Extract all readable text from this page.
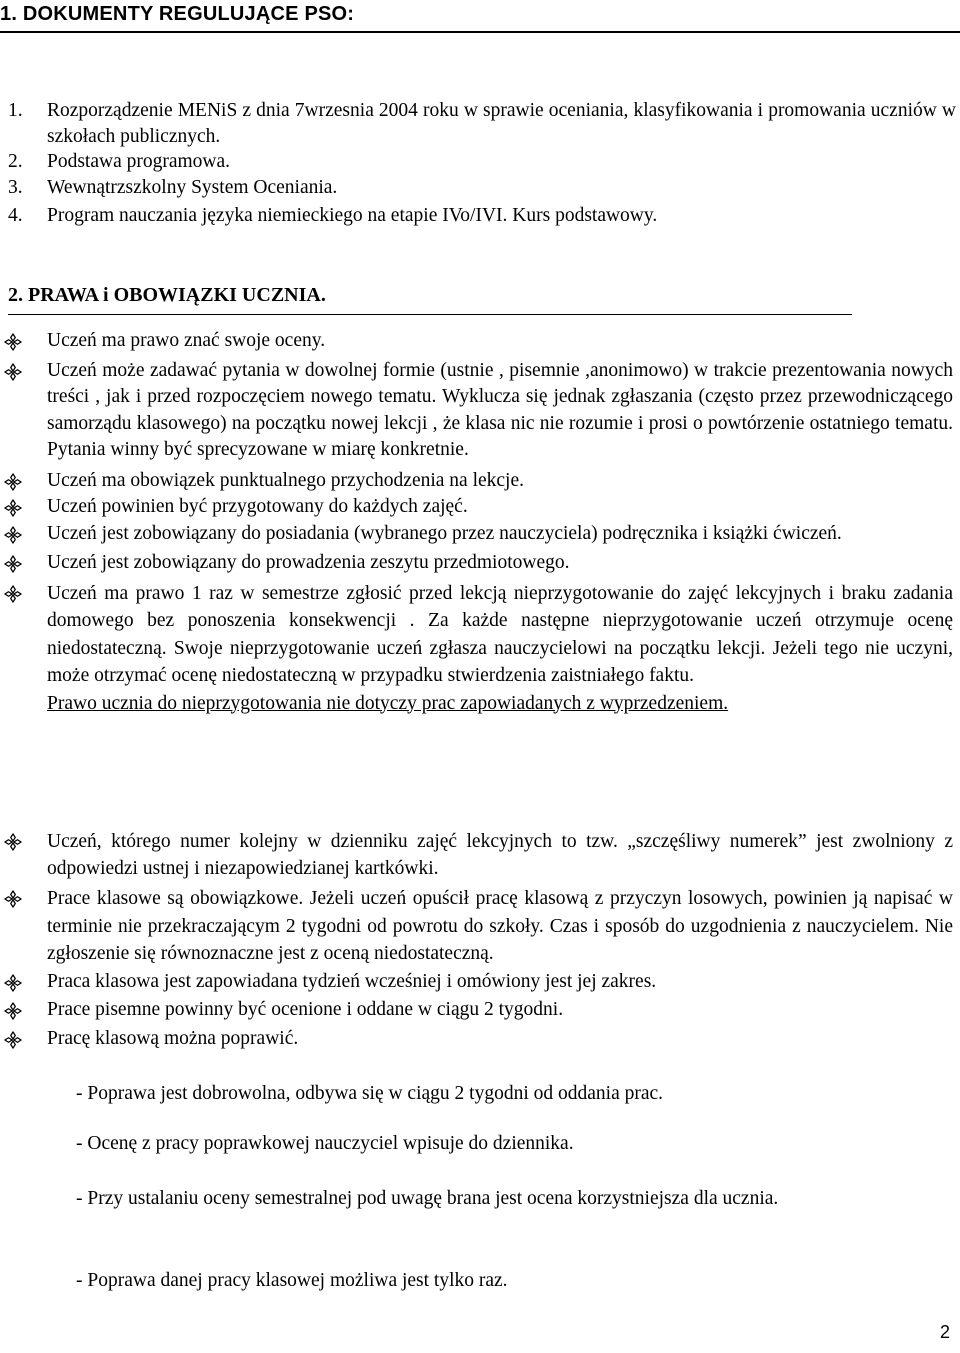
1. DOKUMENTY REGULUJĄCE PSO:
1. Rozporządzenie MENiS z dnia 7wrzesnia 2004 roku w sprawie oceniania, klasyfikowania i promowania uczniów w szkołach publicznych.
2. Podstawa programowa.
3. Wewnątrzszkolny System Oceniania.
4. Program nauczania języka niemieckiego na etapie IVo/IVI. Kurs podstawowy.
2. PRAWA i OBOWIĄZKI UCZNIA.
Uczeń ma prawo znać swoje oceny.
Uczeń może zadawać pytania w dowolnej formie (ustnie , pisemnie ,anonimowo) w trakcie prezentowania nowych treści , jak i przed rozpoczęciem nowego tematu. Wyklucza się jednak zgłaszania (często przez przewodniczącego samorządu klasowego) na początku nowej lekcji , że klasa nic nie rozumie i prosi o powtórzenie ostatniego tematu. Pytania winny być sprecyzowane w miarę konkretnie.
Uczeń ma obowiązek punktualnego przychodzenia na lekcje.
Uczeń powinien być przygotowany do każdych zajęć.
Uczeń jest zobowiązany do posiadania (wybranego przez nauczyciela) podręcznika i książki ćwiczeń.
Uczeń jest zobowiązany do prowadzenia zeszytu przedmiotowego.
Uczeń ma prawo 1 raz w semestrze zgłosić przed lekcją nieprzygotowanie do zajęć lekcyjnych i braku zadania domowego bez ponoszenia konsekwencji . Za każde następne nieprzygotowanie uczeń otrzymuje ocenę niedostateczną. Swoje nieprzygotowanie uczeń zgłasza nauczycielowi na początku lekcji. Jeżeli tego nie uczyni, może otrzymać ocenę niedostateczną w przypadku stwierdzenia zaistniałego faktu.
Prawo ucznia do nieprzygotowania nie dotyczy prac zapowiadanych z wyprzedzeniem.
Uczeń, którego numer kolejny w dzienniku zajęć lekcyjnych to tzw. „szczęśliwy numerek” jest zwolniony z odpowiedzi ustnej i niezapowiedzianej kartkówki.
Prace klasowe są obowiązkowe. Jeżeli uczeń opuścił pracę klasową z przyczyn losowych, powinien ją napisać w terminie nie przekraczającym 2 tygodni od powrotu do szkoły. Czas i sposób do uzgodnienia z nauczycielem. Nie zgłoszenie się równoznaczne jest z oceną niedostateczną.
Praca klasowa jest zapowiadana tydzień wcześniej i omówiony jest jej zakres.
Prace pisemne powinny być ocenione i oddane w ciągu 2 tygodni.
Pracę klasową można poprawić.
- Poprawa jest dobrowolna, odbywa się w ciągu 2 tygodni od oddania prac.
- Ocenę z pracy poprawkowej nauczyciel wpisuje do dziennika.
- Przy ustalaniu oceny semestralnej pod uwagę brana jest ocena korzystniejsza dla ucznia.
- Poprawa danej pracy klasowej możliwa jest tylko raz.
2
